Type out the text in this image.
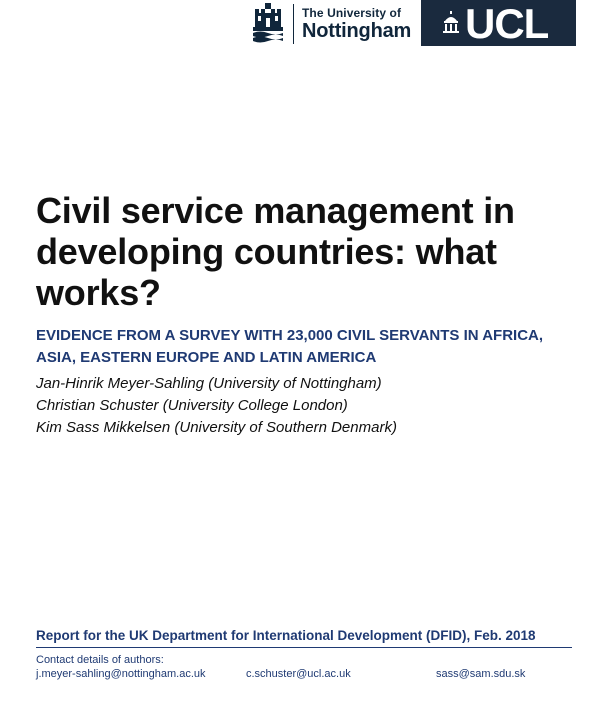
The University of
Nottingham UCL
Civil service management in developing countries: what works?
EVIDENCE FROM A SURVEY WITH 23,000 CIVIL SERVANTS IN AFRICA, ASIA, EASTERN EUROPE AND LATIN AMERICA
Jan-Hinrik Meyer-Sahling (University of Nottingham)
Christian Schuster (University College London)
Kim Sass Mikkelsen (University of Southern Denmark)
Report for the UK Department for International Development (DFID), Feb. 2018
Contact details of authors:
j.meyer-sahling@nottingham.ac.uk	c.schuster@ucl.ac.uk	sass@sam.sdu.sk
